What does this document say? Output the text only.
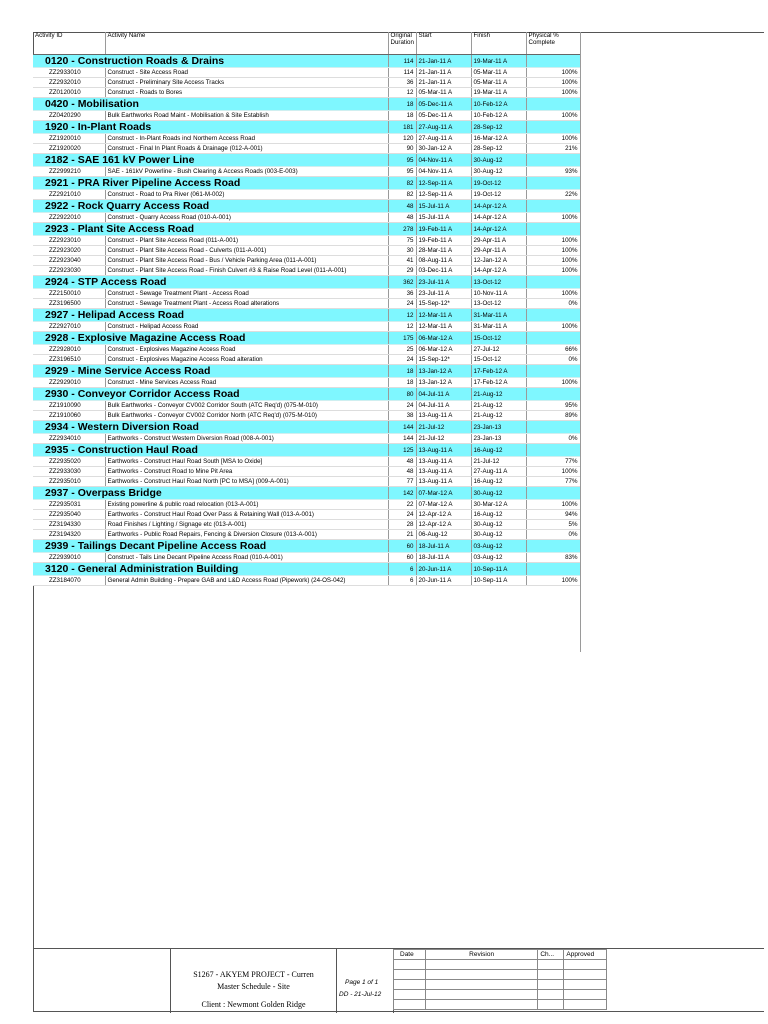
Activity ID	Activity Name	Original Duration	Start	Finish	Physical % Complete
0120 - Construction Roads & Drains		114	21-Jan-11 A	19-Mar-11 A	
ZZ2933010	Construct - Site Access Road	114	21-Jan-11 A	05-Mar-11 A	100%
ZZ2932010	Construct - Preliminary Site Access Tracks	36	21-Jan-11 A	05-Mar-11 A	100%
ZZ0120010	Construct - Roads to Bores	12	05-Mar-11 A	19-Mar-11 A	100%
0420 - Mobilisation		18	05-Dec-11 A	10-Feb-12 A	
ZZ0420290	Bulk Earthworks Road Maint - Mobilisation & Site Establish	18	05-Dec-11 A	10-Feb-12 A	100%
1920 - In-Plant Roads		181	27-Aug-11 A	28-Sep-12	
ZZ1920010	Construct - In-Plant Roads incl Northern Access Road	120	27-Aug-11 A	16-Mar-12 A	100%
ZZ1920020	Construct - Final In Plant Roads & Drainage (012-A-001)	90	30-Jan-12 A	28-Sep-12	21%
2182 - SAE 161 kV Power Line		95	04-Nov-11 A	30-Aug-12	
ZZ2999210	SAE - 161kV Powerline - Bush Clearing & Access Roads (003-E-003)	95	04-Nov-11 A	30-Aug-12	93%
2921 - PRA River Pipeline Access Road		82	12-Sep-11 A	19-Oct-12	
ZZ2921010	Construct - Road to Pra River (061-M-002)	82	12-Sep-11 A	19-Oct-12	22%
2922 - Rock Quarry Access Road		48	15-Jul-11 A	14-Apr-12 A	
ZZ2922010	Construct - Quarry Access Road (010-A-001)	48	15-Jul-11 A	14-Apr-12 A	100%
2923 - Plant Site Access Road		278	19-Feb-11 A	14-Apr-12 A	
ZZ2923010	Construct - Plant Site Access Road (011-A-001)	75	19-Feb-11 A	29-Apr-11 A	100%
ZZ2923020	Construct - Plant Site Access Road - Culverts (011-A-001)	30	28-Mar-11 A	29-Apr-11 A	100%
ZZ2923040	Construct - Plant Site Access Road - Bus / Vehicle Parking Area (011-A-001)	41	08-Aug-11 A	12-Jan-12 A	100%
ZZ2923030	Construct - Plant Site Access Road - Finish Culvert #3 & Raise Road Level (011-A-001)	29	03-Dec-11 A	14-Apr-12 A	100%
2924 - STP Access Road		362	23-Jul-11 A	13-Oct-12	
ZZ2150010	Construct - Sewage Treatment Plant - Access Road	36	23-Jul-11 A	10-Nov-11 A	100%
ZZ3196500	Construct - Sewage Treatment Plant - Access Road alterations	24	15-Sep-12*	13-Oct-12	0%
2927 - Helipad Access Road		12	12-Mar-11 A	31-Mar-11 A	
ZZ2927010	Construct - Helipad Access Road	12	12-Mar-11 A	31-Mar-11 A	100%
2928 - Explosive Magazine Access Road		175	06-Mar-12 A	15-Oct-12	
ZZ2928010	Construct - Explosives Magazine Access Road	25	06-Mar-12 A	27-Jul-12	66%
ZZ3196510	Construct - Explosives Magazine Access Road alteration	24	15-Sep-12*	15-Oct-12	0%
2929 - Mine Service Access Road		18	13-Jan-12 A	17-Feb-12 A	
ZZ2929010	Construct - Mine Services Access Road	18	13-Jan-12 A	17-Feb-12 A	100%
2930 - Conveyor Corridor Access Road		80	04-Jul-11 A	21-Aug-12	
ZZ1910090	Bulk Earthworks - Conveyor CV002 Corridor South (ATC Req'd) (075-M-010)	24	04-Jul-11 A	21-Aug-12	95%
ZZ1910060	Bulk Earthworks - Conveyor CV002 Corridor North (ATC Req'd) (075-M-010)	38	13-Aug-11 A	21-Aug-12	89%
2934 - Western Diversion Road		144	21-Jul-12	23-Jan-13	
ZZ2934010	Earthworks - Construct Western Diversion Road (008-A-001)	144	21-Jul-12	23-Jan-13	0%
2935 - Construction Haul Road		125	13-Aug-11 A	16-Aug-12	
ZZ2935020	Earthworks - Construct Haul Road South [MSA to Oxide]	48	13-Aug-11 A	21-Jul-12	77%
ZZ2933030	Earthworks - Construct Road to Mine Pit Area	48	13-Aug-11 A	27-Aug-11 A	100%
ZZ2935010	Earthworks - Construct Haul Road North [PC to MSA] (009-A-001)	77	13-Aug-11 A	16-Aug-12	77%
2937 - Overpass Bridge		142	07-Mar-12 A	30-Aug-12	
ZZ2935031	Existing powerline & public road relocation (013-A-001)	22	07-Mar-12 A	30-Mar-12 A	100%
ZZ2935040	Earthworks - Construct Haul Road Over Pass & Retaining Wall (013-A-001)	24	12-Apr-12 A	16-Aug-12	94%
ZZ3194330	Road Finishes / Lighting / Signage etc (013-A-001)	28	12-Apr-12 A	30-Aug-12	5%
ZZ3194320	Earthworks - Public Road Repairs, Fencing & Diversion Closure (013-A-001)	21	06-Aug-12	30-Aug-12	0%
2939 - Tailings Decant Pipeline Access Road		60	18-Jul-11 A	03-Aug-12	
ZZ2939010	Construct - Tails Line Decant Pipeline Access Road (010-A-001)	60	18-Jul-11 A	03-Aug-12	83%
3120 - General Administration Building		6	20-Jun-11 A	10-Sep-11 A	
ZZ3184070	General Admin Building - Prepare GAB and L&D Access Road (Pipework) (24-OS-042)	6	20-Jun-11 A	10-Sep-11 A	100%
S1267 - AKYEM PROJECT - Curren
Master Schedule - Site
Client : Newmont Golden Ridge
Page 1 of 1
DD - 21-Jul-12
Date	Revision	Ch...	Approved
